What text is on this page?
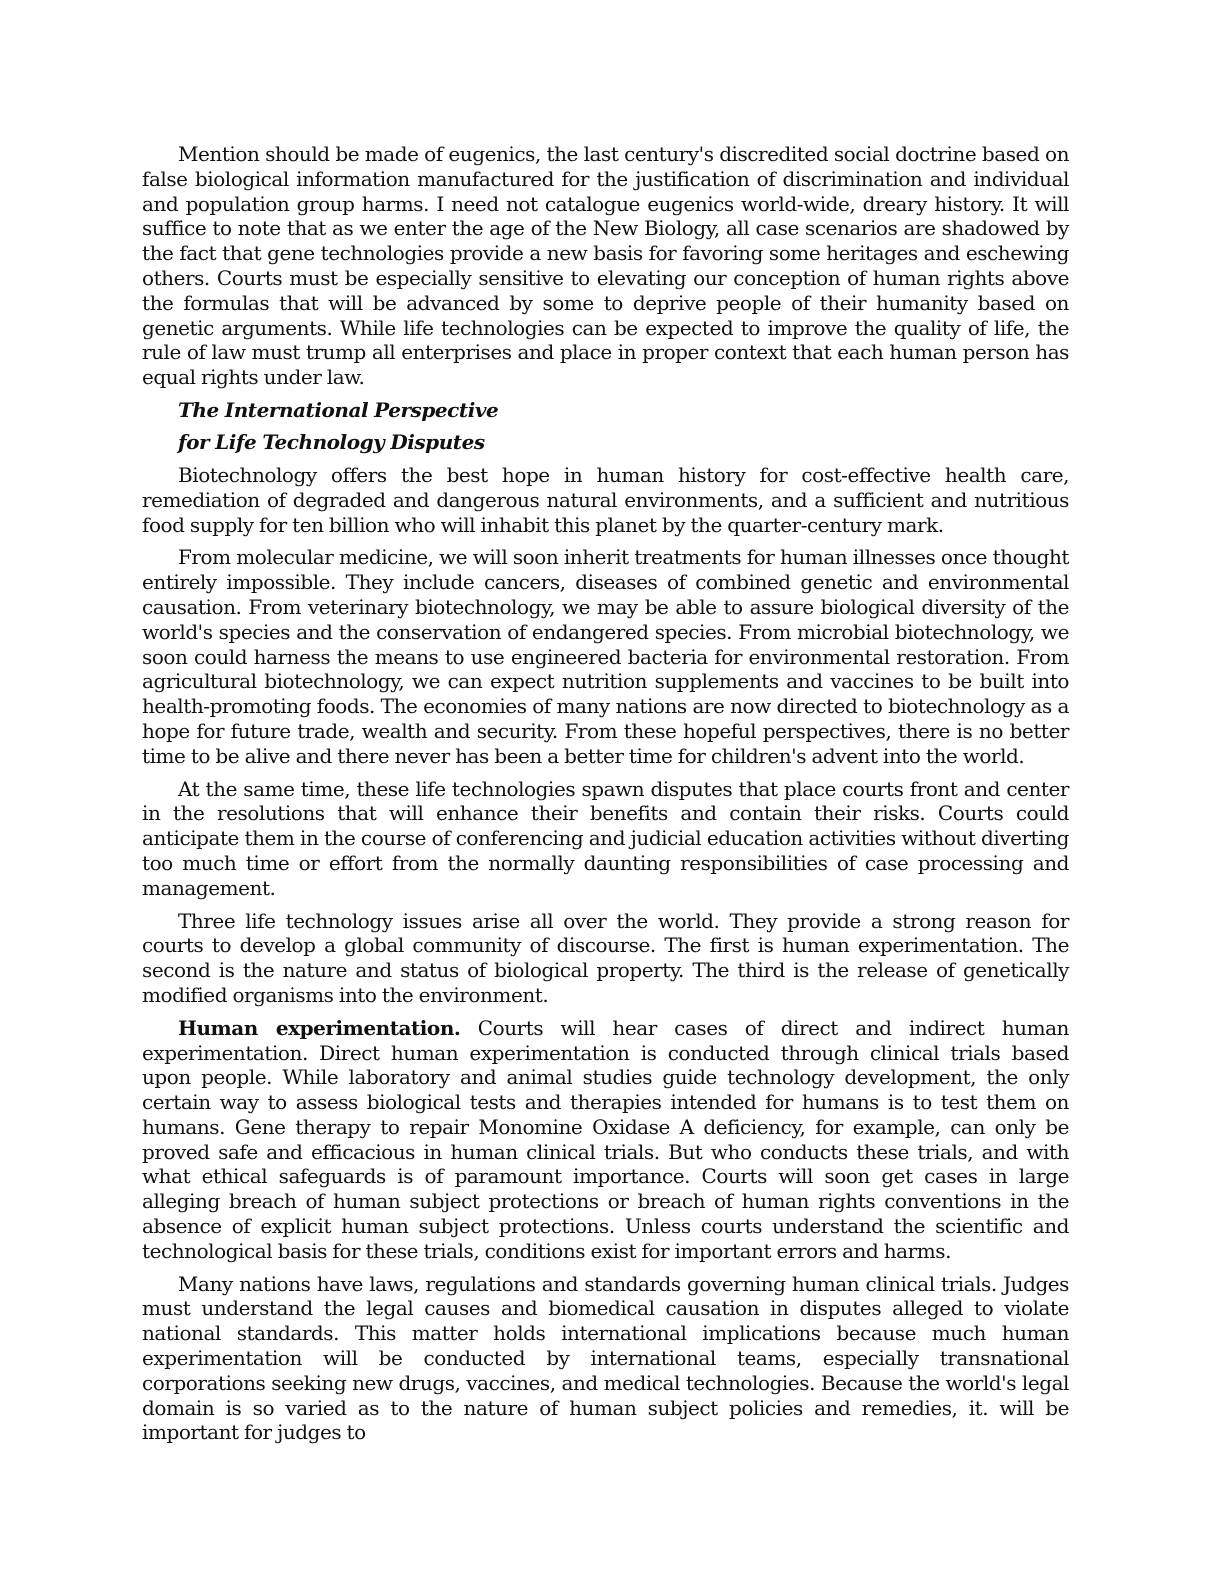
Mention should be made of eugenics, the last century's discredited social doctrine based on false biological information manufactured for the justification of discrimination and individual and population group harms. I need not catalogue eugenics world-wide, dreary history. It will suffice to note that as we enter the age of the New Biology, all case scenarios are shadowed by the fact that gene technologies provide a new basis for favoring some heritages and eschewing others. Courts must be especially sensitive to elevating our conception of human rights above the formulas that will be advanced by some to deprive people of their humanity based on genetic arguments. While life technologies can be expected to improve the quality of life, the rule of law must trump all enterprises and place in proper context that each human person has equal rights under law.

The International Perspective
for Life Technology Disputes

Biotechnology offers the best hope in human history for cost-effective health care, remediation of degraded and dangerous natural environments, and a sufficient and nutritious food supply for ten billion who will inhabit this planet by the quarter-century mark.

From molecular medicine, we will soon inherit treatments for human illnesses once thought entirely impossible. They include cancers, diseases of combined genetic and environmental causation. From veterinary biotechnology, we may be able to assure biological diversity of the world's species and the conservation of endangered species. From microbial biotechnology, we soon could harness the means to use engineered bacteria for environmental restoration. From agricultural biotechnology, we can expect nutrition supplements and vaccines to be built into health-promoting foods. The economies of many nations are now directed to biotechnology as a hope for future trade, wealth and security. From these hopeful perspectives, there is no better time to be alive and there never has been a better time for children's advent into the world.

At the same time, these life technologies spawn disputes that place courts front and center in the resolutions that will enhance their benefits and contain their risks. Courts could anticipate them in the course of conferencing and judicial education activities without diverting too much time or effort from the normally daunting responsibilities of case processing and management.

Three life technology issues arise all over the world. They provide a strong reason for courts to develop a global community of discourse. The first is human experimentation. The second is the nature and status of biological property. The third is the release of genetically modified organisms into the environment.

Human experimentation. Courts will hear cases of direct and indirect human experimentation. Direct human experimentation is conducted through clinical trials based upon people. While laboratory and animal studies guide technology development, the only certain way to assess biological tests and therapies intended for humans is to test them on humans. Gene therapy to repair Monomine Oxidase A deficiency, for example, can only be proved safe and efficacious in human clinical trials. But who conducts these trials, and with what ethical safeguards is of paramount importance. Courts will soon get cases in large alleging breach of human subject protections or breach of human rights conventions in the absence of explicit human subject protections. Unless courts understand the scientific and technological basis for these trials, conditions exist for important errors and harms.

Many nations have laws, regulations and standards governing human clinical trials. Judges must understand the legal causes and biomedical causation in disputes alleged to violate national standards. This matter holds international implications because much human experimentation will be conducted by international teams, especially transnational corporations seeking new drugs, vaccines, and medical technologies. Because the world's legal domain is so varied as to the nature of human subject policies and remedies, it. will be important for judges to
